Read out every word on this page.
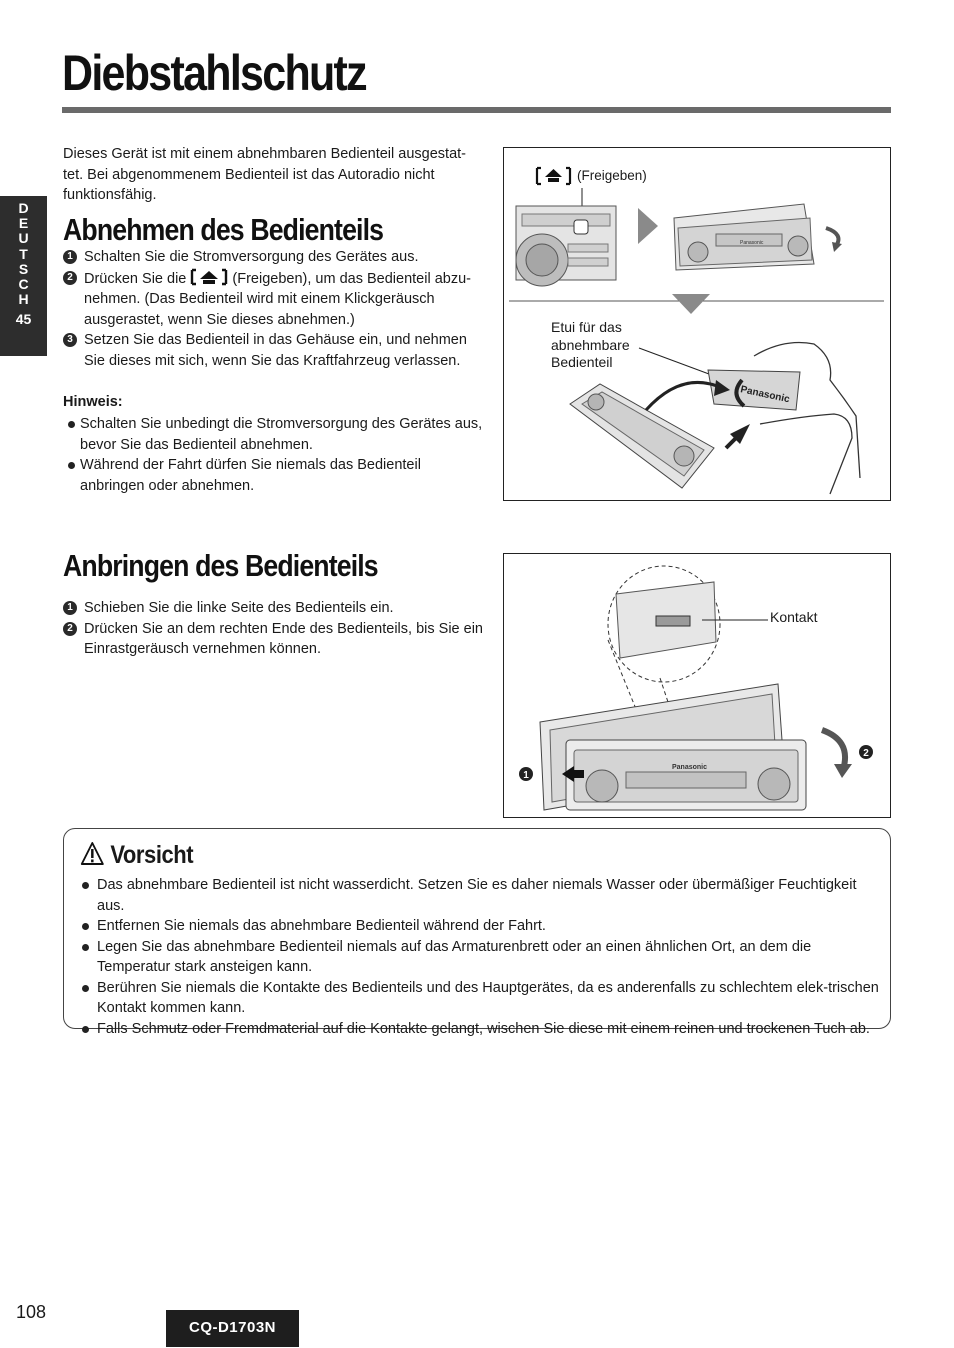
Diebstahlschutz
D
E
U
T
S
C
H
45
Dieses Gerät ist mit einem abnehmbaren Bedienteil ausgestat-tet. Bei abgenommenem Bedienteil ist das Autoradio nicht funktionsfähig.
Abnehmen des Bedienteils
1 Schalten Sie die Stromversorgung des Gerätes aus.
2 Drücken Sie die	(Freigeben), um das Bedienteil abzu-nehmen. (Das Bedienteil wird mit einem Klickgeräusch ausgerastet, wenn Sie dieses abnehmen.)
3 Setzen Sie das Bedienteil in das Gehäuse ein, und nehmen Sie dieses mit sich, wenn Sie das Kraftfahrzeug verlassen.
Hinweis:
Schalten Sie unbedingt die Stromversorgung des Gerätes aus, bevor Sie das Bedienteil abnehmen.
Während der Fahrt dürfen Sie niemals das Bedienteil anbringen oder abnehmen.
(Freigeben)
Panasonic
Etui für das abnehmbare Bedienteil
Panasonic
Anbringen des Bedienteils
1 Schieben Sie die linke Seite des Bedienteils ein.
2 Drücken Sie an dem rechten Ende des Bedienteils, bis Sie ein Einrastgeräusch vernehmen können.
Kontakt
Panasonic
1
2
Vorsicht
Das abnehmbare Bedienteil ist nicht wasserdicht. Setzen Sie es daher niemals Wasser oder übermäßiger Feuchtigkeit aus.
Entfernen Sie niemals das abnehmbare Bedienteil während der Fahrt.
Legen Sie das abnehmbare Bedienteil niemals auf das Armaturenbrett oder an einen ähnlichen Ort, an dem die Temperatur stark ansteigen kann.
Berühren Sie niemals die Kontakte des Bedienteils und des Hauptgerätes, da es anderenfalls zu schlechtem elek-trischen Kontakt kommen kann.
Falls Schmutz oder Fremdmaterial auf die Kontakte gelangt, wischen Sie diese mit einem reinen und trockenen Tuch ab.
108
CQ-D1703N
